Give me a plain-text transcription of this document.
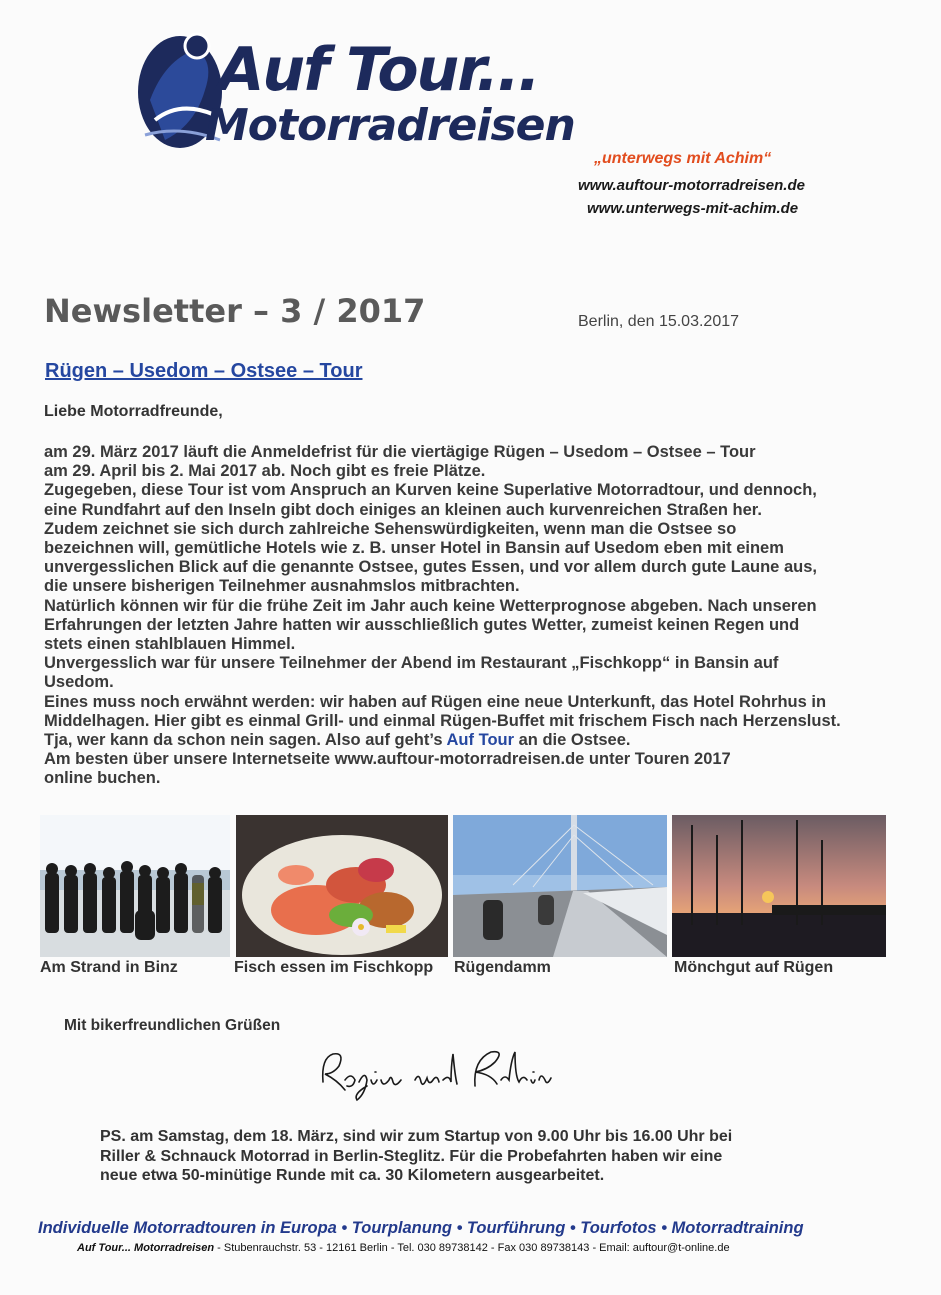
Auf Tour...
Motorradreisen
„unterwegs mit Achim“
www.auftour-motorradreisen.de
www.unterwegs-mit-achim.de
Newsletter – 3 / 2017	Berlin, den 15.03.2017
Rügen – Usedom – Ostsee – Tour
Liebe Motorradfreunde,
am 29. März 2017 läuft die Anmeldefrist für die viertägige Rügen – Usedom – Ostsee – Tour
am 29. April bis 2. Mai 2017 ab. Noch gibt es freie Plätze.
Zugegeben, diese Tour ist vom Anspruch an Kurven keine Superlative Motorradtour, und dennoch,
eine Rundfahrt auf den Inseln gibt doch einiges an kleinen auch kurvenreichen Straßen her.
Zudem zeichnet sie sich durch zahlreiche Sehenswürdigkeiten, wenn man die Ostsee so
bezeichnen will, gemütliche Hotels wie z. B. unser Hotel in Bansin auf Usedom eben mit einem
unvergesslichen Blick auf die genannte Ostsee, gutes Essen, und vor allem durch gute Laune aus,
die unsere bisherigen Teilnehmer ausnahmslos mitbrachten.
Natürlich können wir für die frühe Zeit im Jahr auch keine Wetterprognose abgeben. Nach unseren
Erfahrungen der letzten Jahre hatten wir ausschließlich gutes Wetter, zumeist keinen Regen und
stets einen stahlblauen Himmel.
Unvergesslich war für unsere Teilnehmer der Abend im Restaurant „Fischkopp“ in Bansin auf
Usedom.
Eines muss noch erwähnt werden: wir haben auf Rügen eine neue Unterkunft, das Hotel Rohrhus in
Middelhagen. Hier gibt es einmal Grill- und einmal Rügen-Buffet mit frischem Fisch nach Herzenslust.
Tja, wer kann da schon nein sagen. Also auf geht’s Auf Tour an die Ostsee.
Am besten über unsere Internetseite www.auftour-motorradreisen.de unter Touren 2017
online buchen.
Am Strand in Binz	Fisch essen im Fischkopp Rügendamm	Mönchgut auf Rügen
Mit bikerfreundlichen Grüßen
PS. am Samstag, dem 18. März, sind wir zum Startup von 9.00 Uhr bis 16.00 Uhr bei
Riller & Schnauck Motorrad in Berlin-Steglitz. Für die Probefahrten haben wir eine
neue etwa 50-minütige Runde mit ca. 30 Kilometern ausgearbeitet.
Individuelle Motorradtouren in Europa • Tourplanung • Tourführung • Tourfotos • Motorradtraining
Auf Tour... Motorradreisen - Stubenrauchstr. 53 - 12161 Berlin - Tel. 030 89738142 - Fax 030 89738143 - Email: auftour@t-online.de
